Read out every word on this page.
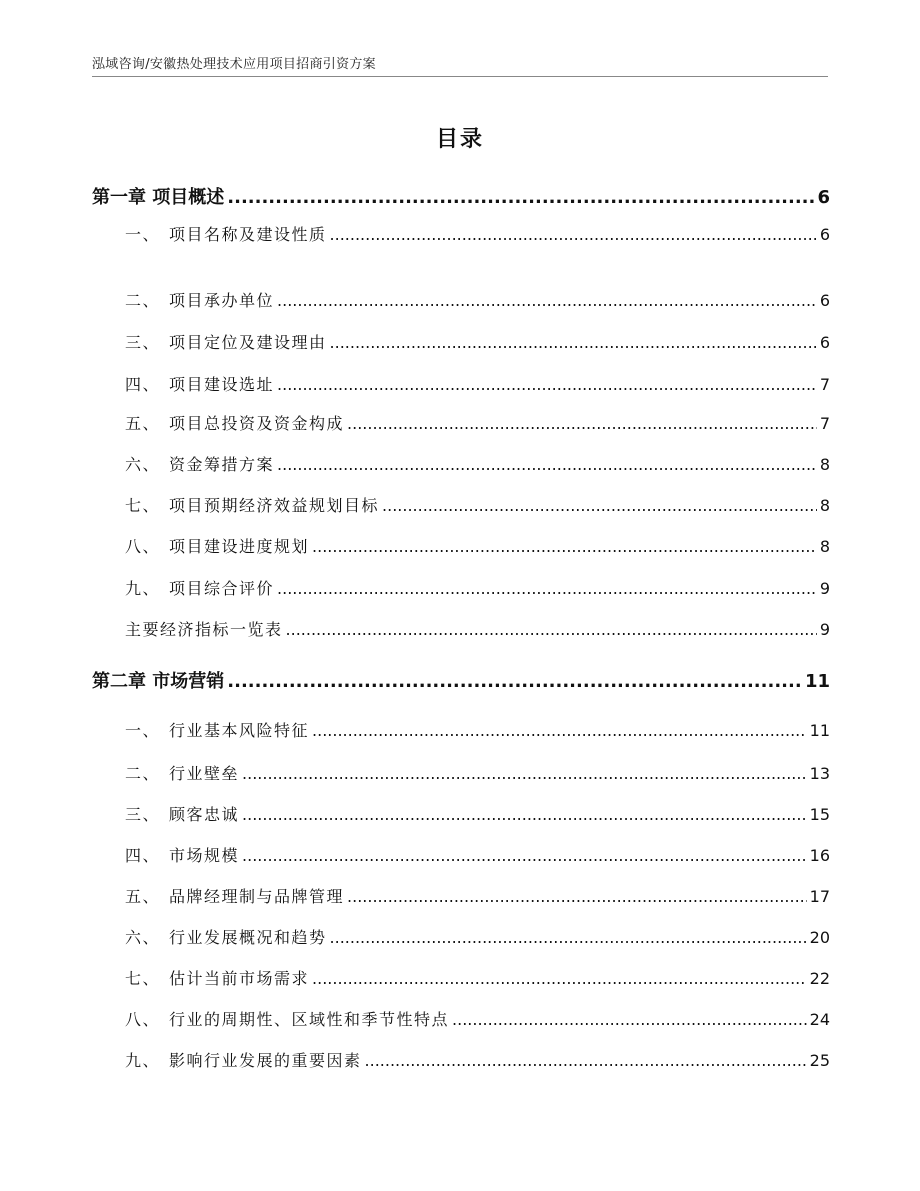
泓域咨询/安徽热处理技术应用项目招商引资方案
目录
第一章 项目概述 .....	6
一、 项目名称及建设性质 .....	6
二、 项目承办单位 .....	6
三、 项目定位及建设理由 .....	6
四、 项目建设选址 .....	7
五、 项目总投资及资金构成 .....	7
六、 资金筹措方案 .....	8
七、 项目预期经济效益规划目标 .....	8
八、 项目建设进度规划 .....	8
九、 项目综合评价 .....	9
主要经济指标一览表 .....	9
第二章 市场营销 .....	11
一、 行业基本风险特征 .....	11
二、 行业壁垒 .....	13
三、 顾客忠诚 .....	15
四、 市场规模 .....	16
五、 品牌经理制与品牌管理 .....	17
六、 行业发展概况和趋势 .....	20
七、 估计当前市场需求 .....	22
八、 行业的周期性、区域性和季节性特点 .....	24
九、 影响行业发展的重要因素 .....	25
